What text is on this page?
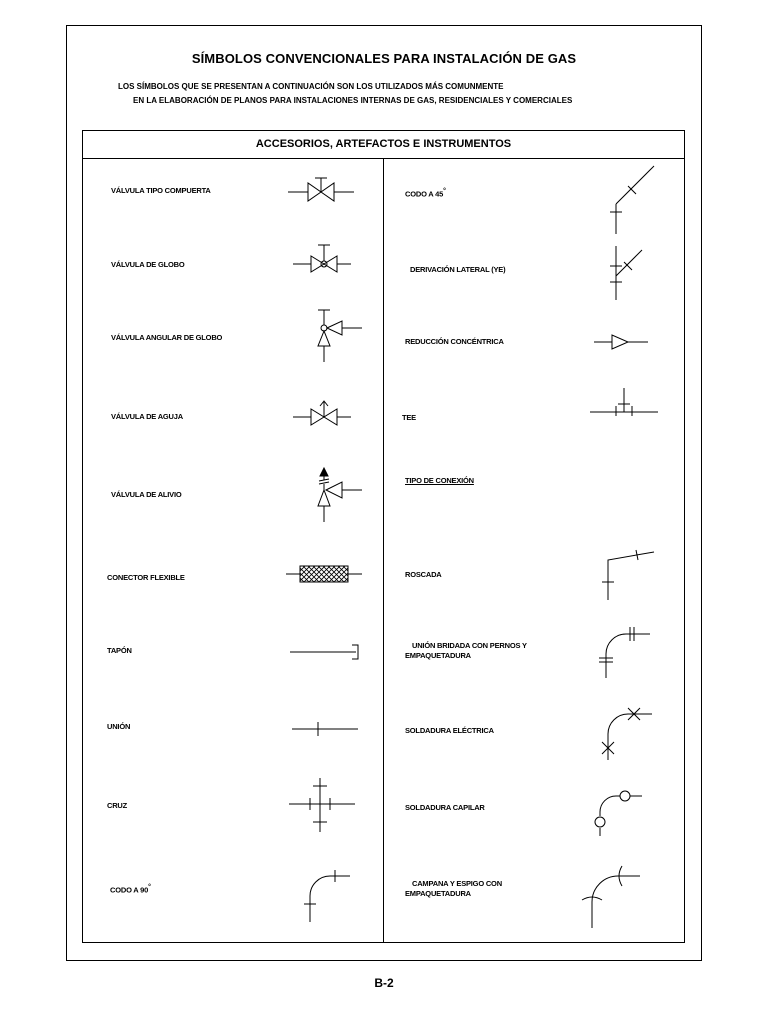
SÍMBOLOS CONVENCIONALES PARA INSTALACIÓN DE GAS
LOS SÍMBOLOS QUE SE PRESENTAN A CONTINUACIÓN SON LOS UTILIZADOS MÁS COMUNMENTE
EN LA ELABORACIÓN DE PLANOS PARA INSTALACIONES INTERNAS DE GAS, RESIDENCIALES Y COMERCIALES
ACCESORIOS, ARTEFACTOS E INSTRUMENTOS
VÁLVULA TIPO COMPUERTA
VÁLVULA DE GLOBO
VÁLVULA ANGULAR DE GLOBO
VÁLVULA DE AGUJA
VÁLVULA DE ALIVIO
CONECTOR FLEXIBLE
TAPÓN
UNIÓN
CRUZ
CODO A 90°
CODO A 45°
DERIVACIÓN LATERAL (YE)
REDUCCIÓN CONCÉNTRICA
TEE
TIPO DE CONEXIÓN
ROSCADA
UNIÓN BRIDADA CON PERNOS Y
EMPAQUETADURA
SOLDADURA ELÉCTRICA
SOLDADURA CAPILAR
CAMPANA Y ESPIGO CON
EMPAQUETADURA
B-2
